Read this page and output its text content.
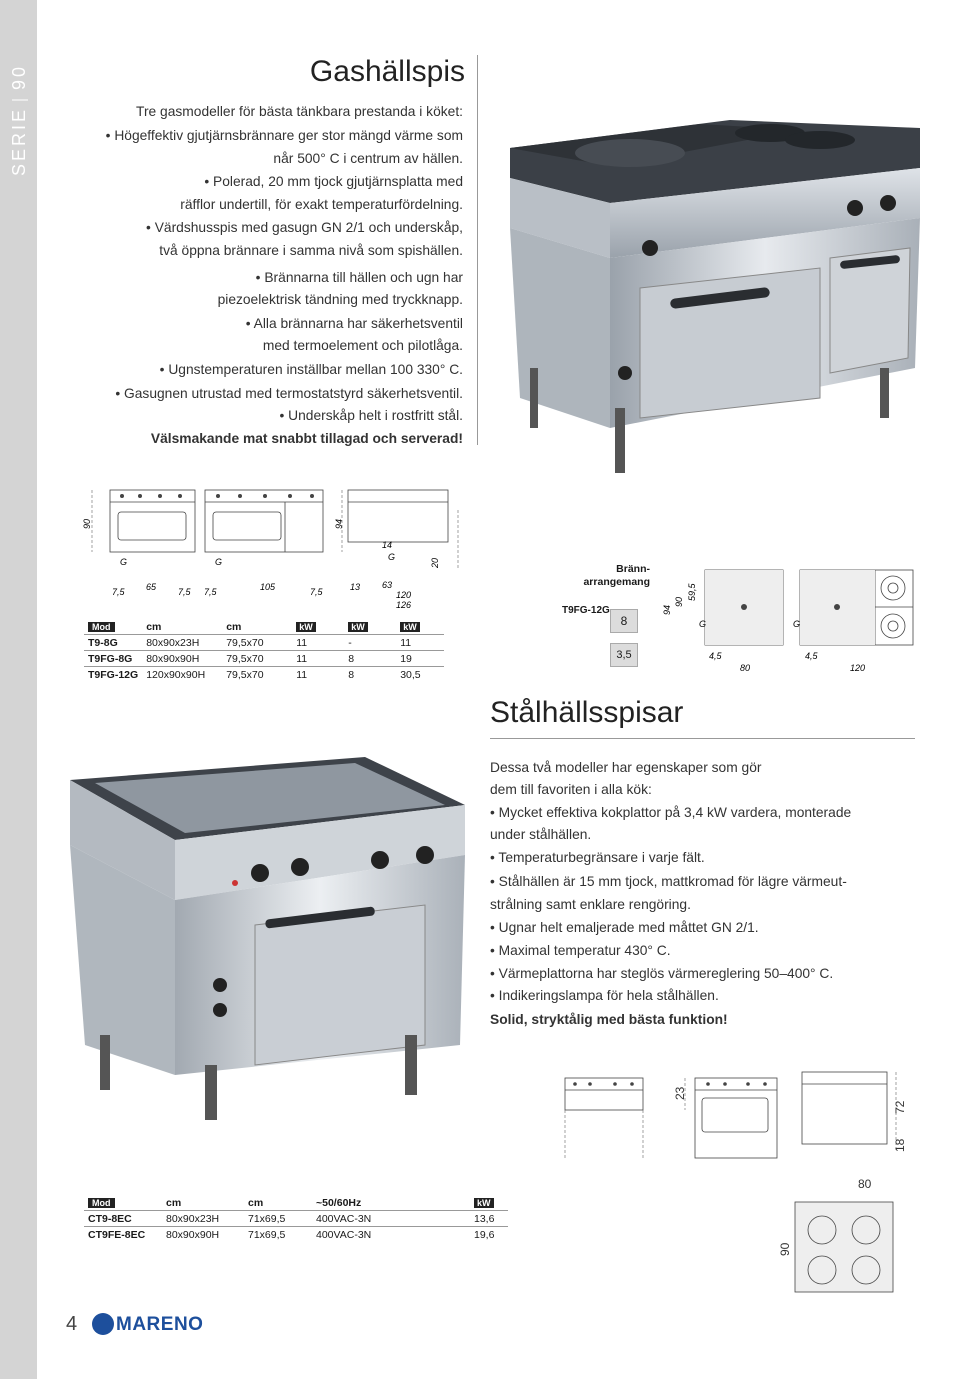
SERIE
90	Gashällspis

Tre gasmodeller för bästa tänkbara prestanda i köket:

• Högeffektiv gjutjärnsbrännare ger stor mängd värme som

når 500° C i centrum av hällen.

• Polerad, 20 mm tjock gjutjärnsplatta med

räfflor undertill, för exakt temperaturfördelning.

• Värdshusspis med gasugn GN 2/1 och underskåp,

två öppna brännare i samma nivå som spishällen.

• Brännarna till hällen och ugn har

piezoelektrisk tändning med tryckknapp.

• Alla brännarna har säkerhetsventil

med termoelement och pilotlåga.

• Ugnstemperaturen inställbar mellan 100 330° C.

• Gasugnen utrustad med termostatstyrd säkerhetsventil.

• Underskåp helt i rostfritt stål.

Välsmakande mat snabbt tillagad och serverad!

90	94
14
20
7,5 65 7,5 7,5	105	7,5	13 63
120
126
G	G	G
Mod	cm	cm	kW	kW	kW
T9-8G	80x90x23H	79,5x70	11	-	11
T9FG-8G	80x90x90H	79,5x70	11	8	19
T9FG-12G	120x90x90H	79,5x70	11	8	30,5
Bränn-
arrangemang
T9FG-12G
8
3,5
94
90
59,5
4,5
80
4,5
120
G	G
Stålhällsspisar

Dessa två modeller har egenskaper som gör

dem till favoriten i alla kök:

• Mycket effektiva kokplattor på 3,4 kW vardera, monterade

under stålhällen.

• Temperaturbegränsare i varje fält.

• Stålhällen är 15 mm tjock, mattkromad för lägre värmeut-

strålning samt enklare rengöring.

• Ugnar helt emaljerade med måttet GN 2/1.

• Maximal temperatur 430° C.

• Värmeplattorna har steglös värmereglering 50–400° C.

• Indikeringslampa för hela stålhällen.

Solid, stryktålig med bästa funktion!

23
72
18
80
90
Mod	cm	cm	~50/60Hz	kW
CT9-8EC	80x90x23H	71x69,5	400VAC-3N	13,6
CT9FE-8EC	80x90x90H	71x69,5	400VAC-3N	19,6
4 MARENO
